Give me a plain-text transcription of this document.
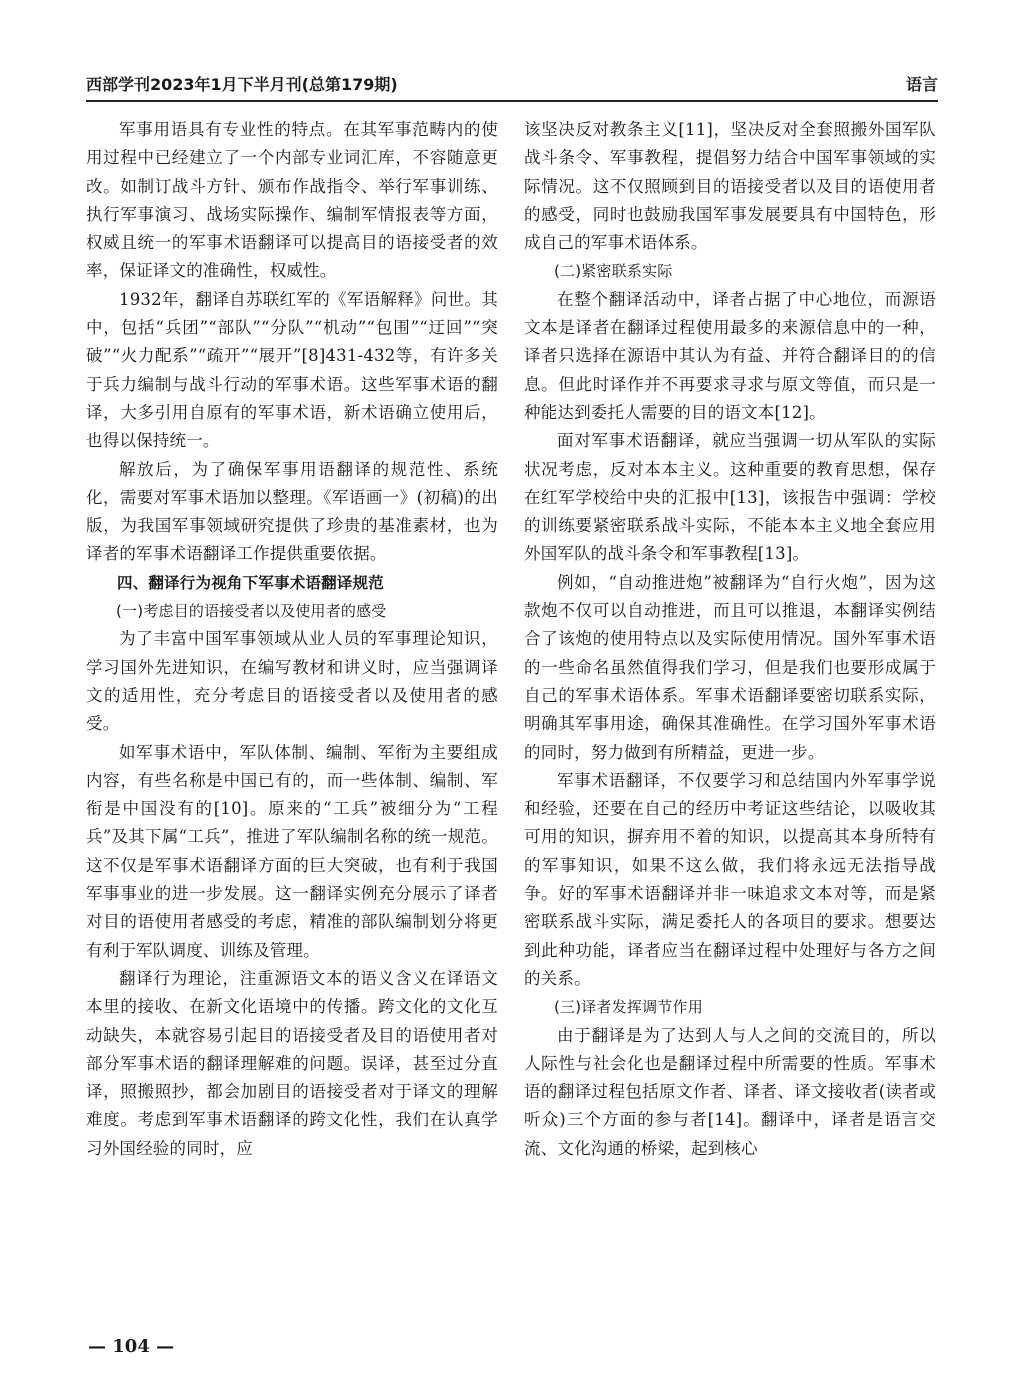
西部学刊2023年1月下半月刊(总第179期)	语言

军事用语具有专业性的特点。在其军事范畴内的使用过程中已经建立了一个内部专业词汇库，不容随意更改。如制订战斗方针、颁布作战指令、举行军事训练、执行军事演习、战场实际操作、编制军情报表等方面，权威且统一的军事术语翻译可以提高目的语接受者的效率，保证译文的准确性，权威性。

1932年，翻译自苏联红军的《军语解释》问世。其中，包括“兵团”“部队”“分队”“机动”“包围”“迂回”“突破”“火力配系”“疏开”“展开”[8]431-432等，有许多关于兵力编制与战斗行动的军事术语。这些军事术语的翻译，大多引用自原有的军事术语，新术语确立使用后，也得以保持统一。

解放后，为了确保军事用语翻译的规范性、系统化，需要对军事术语加以整理。《军语画一》(初稿)的出版，为我国军事领域研究提供了珍贵的基准素材，也为译者的军事术语翻译工作提供重要依据。

四、翻译行为视角下军事术语翻译规范

(一)考虑目的语接受者以及使用者的感受

为了丰富中国军事领域从业人员的军事理论知识，学习国外先进知识，在编写教材和讲义时，应当强调译文的适用性，充分考虑目的语接受者以及使用者的感受。

如军事术语中，军队体制、编制、军衔为主要组成内容，有些名称是中国已有的，而一些体制、编制、军衔是中国没有的[10]。原来的“工兵”被细分为“工程兵”及其下属“工兵”，推进了军队编制名称的统一规范。这不仅是军事术语翻译方面的巨大突破，也有利于我国军事事业的进一步发展。这一翻译实例充分展示了译者对目的语使用者感受的考虑，精准的部队编制划分将更有利于军队调度、训练及管理。

翻译行为理论，注重源语文本的语义含义在译语文本里的接收、在新文化语境中的传播。跨文化的文化互动缺失，本就容易引起目的语接受者及目的语使用者对部分军事术语的翻译理解难的问题。误译，甚至过分直译，照搬照抄，都会加剧目的语接受者对于译文的理解难度。考虑到军事术语翻译的跨文化性，我们在认真学习外国经验的同时，应

该坚决反对教条主义[11]，坚决反对全套照搬外国军队战斗条令、军事教程，提倡努力结合中国军事领域的实际情况。这不仅照顾到目的语接受者以及目的语使用者的感受，同时也鼓励我国军事发展要具有中国特色，形成自己的军事术语体系。

(二)紧密联系实际

在整个翻译活动中，译者占据了中心地位，而源语文本是译者在翻译过程使用最多的来源信息中的一种，译者只选择在源语中其认为有益、并符合翻译目的的信息。但此时译作并不再要求寻求与原文等值，而只是一种能达到委托人需要的目的语文本[12]。

面对军事术语翻译，就应当强调一切从军队的实际状况考虑，反对本本主义。这种重要的教育思想，保存在红军学校给中央的汇报中[13]，该报告中强调：学校的训练要紧密联系战斗实际，不能本本主义地全套应用外国军队的战斗条令和军事教程[13]。

例如，“自动推进炮”被翻译为“自行火炮”，因为这款炮不仅可以自动推进，而且可以推退，本翻译实例结合了该炮的使用特点以及实际使用情况。国外军事术语的一些命名虽然值得我们学习，但是我们也要形成属于自己的军事术语体系。军事术语翻译要密切联系实际，明确其军事用途，确保其准确性。在学习国外军事术语的同时，努力做到有所精益，更进一步。

军事术语翻译，不仅要学习和总结国内外军事学说和经验，还要在自己的经历中考证这些结论，以吸收其可用的知识，摒弃用不着的知识，以提高其本身所特有的军事知识，如果不这么做，我们将永远无法指导战争。好的军事术语翻译并非一味追求文本对等，而是紧密联系战斗实际，满足委托人的各项目的要求。想要达到此种功能，译者应当在翻译过程中处理好与各方之间的关系。

(三)译者发挥调节作用

由于翻译是为了达到人与人之间的交流目的，所以人际性与社会化也是翻译过程中所需要的性质。军事术语的翻译过程包括原文作者、译者、译文接收者(读者或听众)三个方面的参与者[14]。翻译中，译者是语言交流、文化沟通的桥梁，起到核心

— 104 —
